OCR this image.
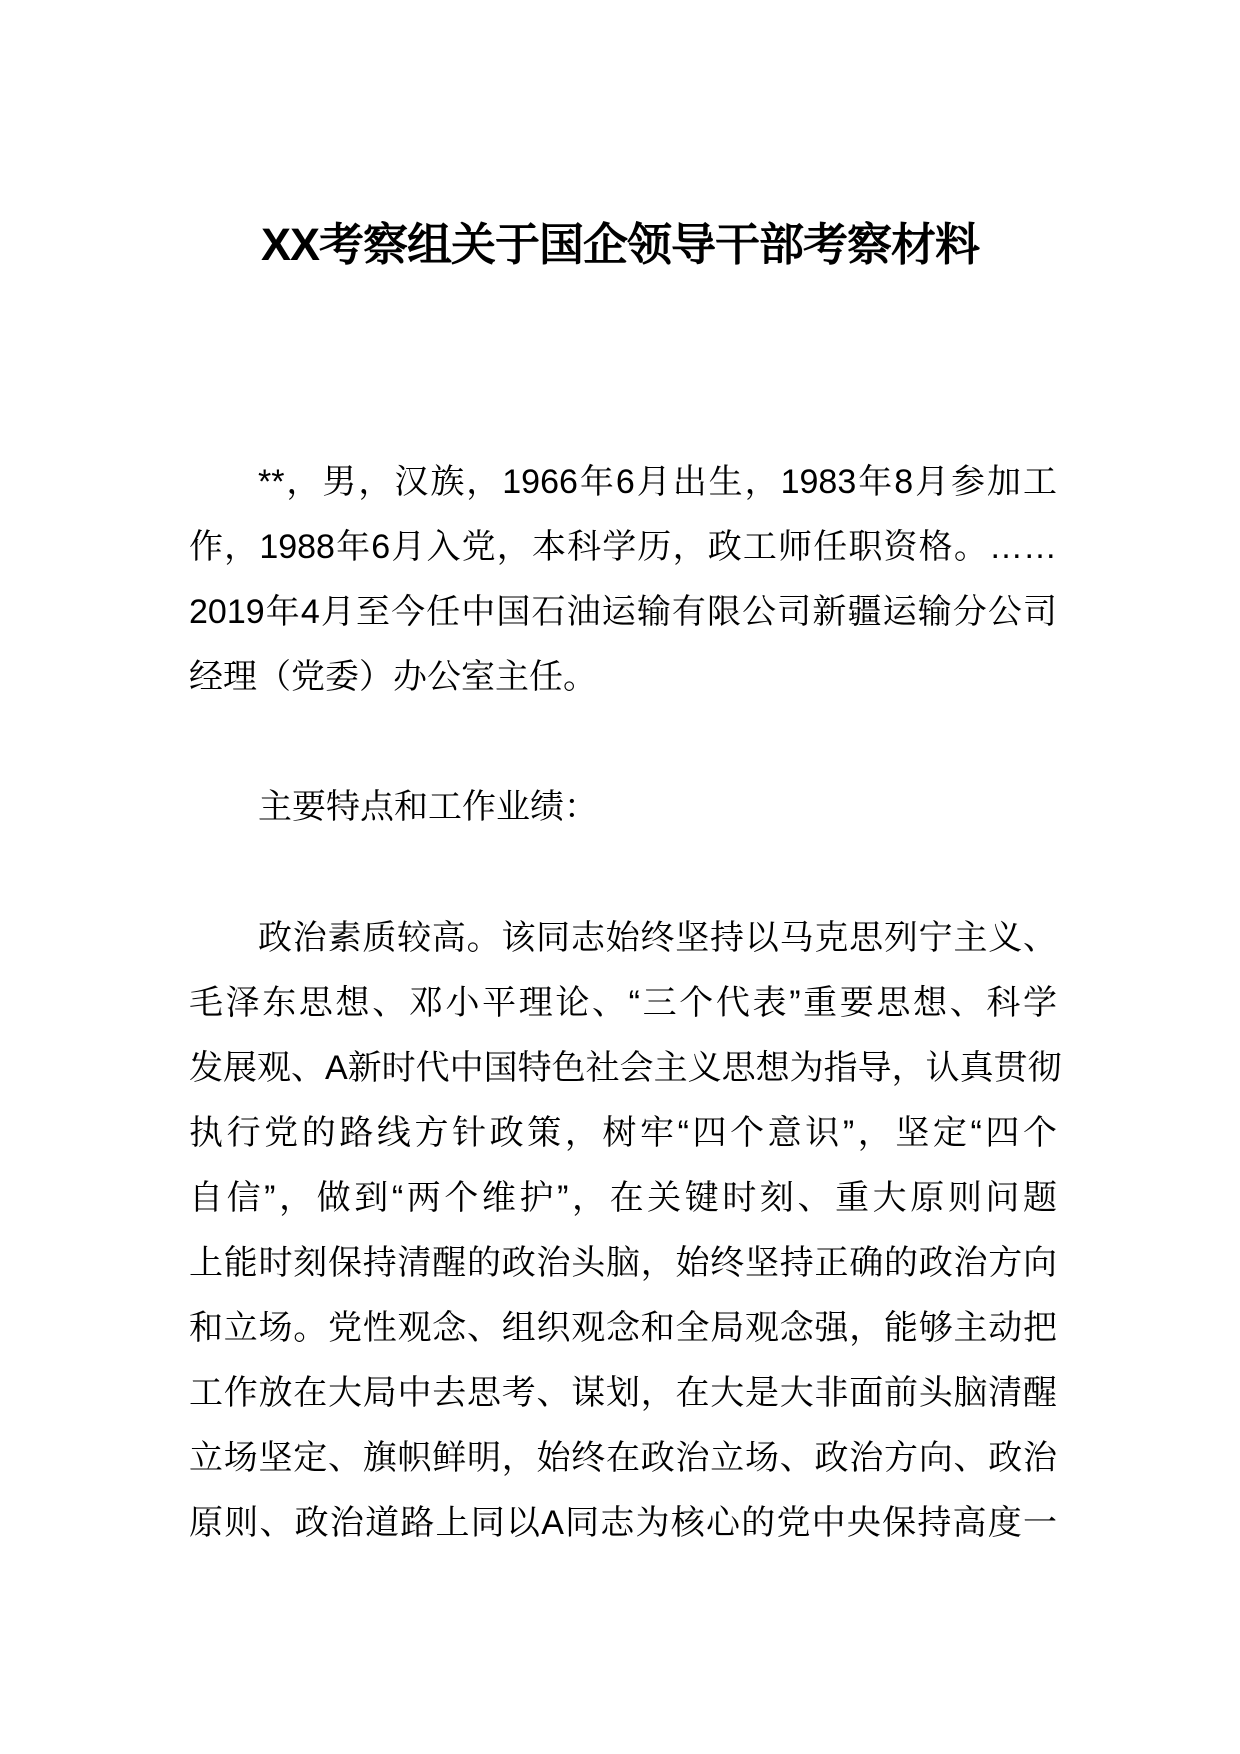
XX考察组关于国企领导干部考察材料
**，男，汉族，1966年6月出生，1983年8月参加工
作，1988年6月入党，本科学历，政工师任职资格。……
2019年4月至今任中国石油运输有限公司新疆运输分公司
经理（党委）办公室主任。
主要特点和工作业绩：
政治素质较高。该同志始终坚持以马克思列宁主义、
毛泽东思想、邓小平理论、“三个代表”重要思想、科学
发展观、A新时代中国特色社会主义思想为指导，认真贯彻
执行党的路线方针政策，树牢“四个意识”，坚定“四个
自信”，做到“两个维护”，在关键时刻、重大原则问题
上能时刻保持清醒的政治头脑，始终坚持正确的政治方向
和立场。党性观念、组织观念和全局观念强，能够主动把
工作放在大局中去思考、谋划，在大是大非面前头脑清醒
立场坚定、旗帜鲜明，始终在政治立场、政治方向、政治
原则、政治道路上同以A同志为核心的党中央保持高度一
